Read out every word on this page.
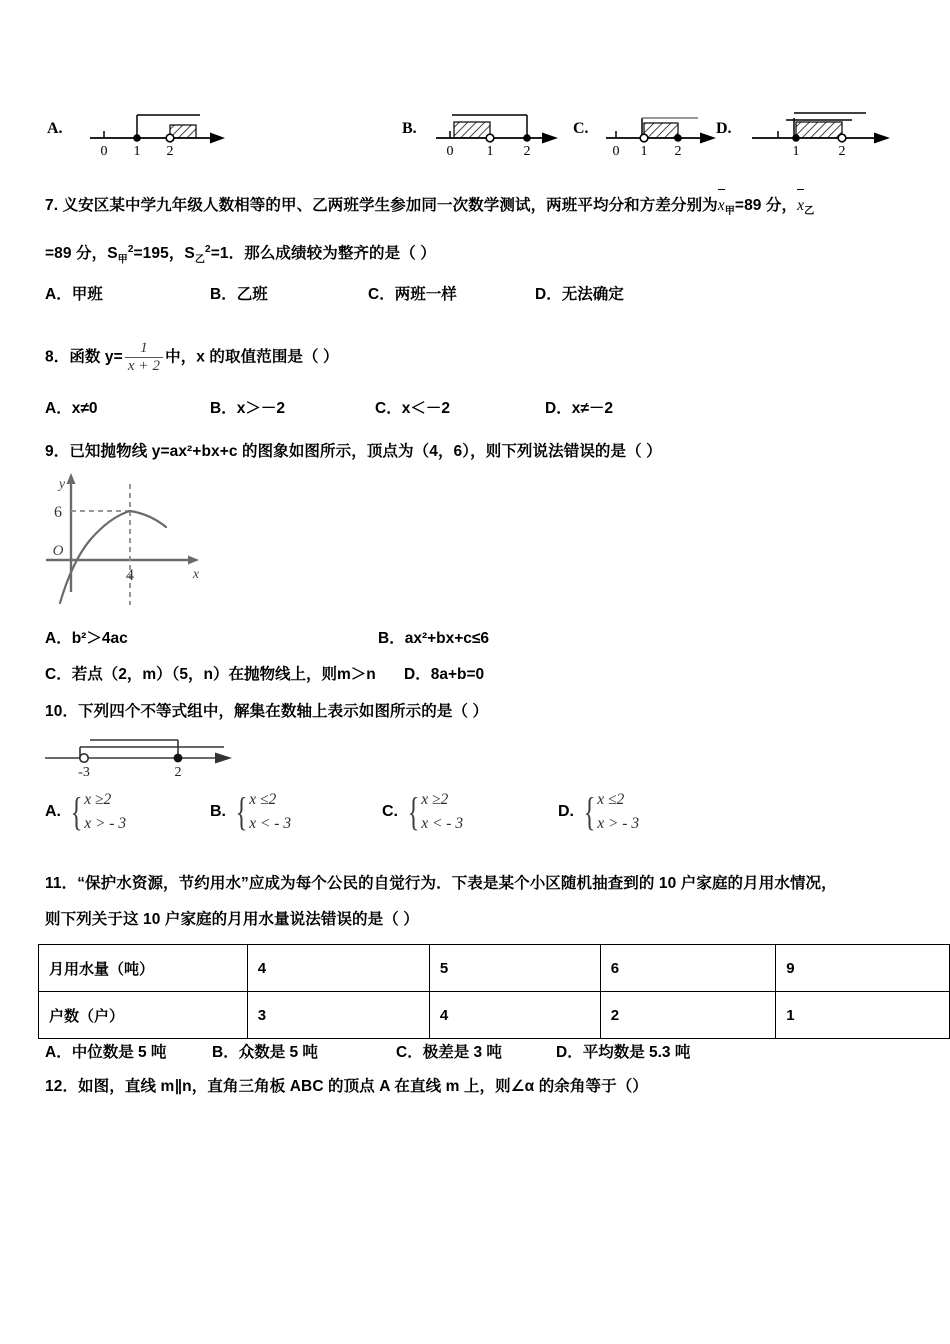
A.
0 1 2
B.
0 1 2
C.
0 1 2
D.
1	2
7. 义安区某中学九年级人数相等的甲、乙两班学生参加同一次数学测试，两班平均分和方差分别为$x_甲=89$ 分，$x_乙$
=89 分，$S_甲^2=195$，$S_乙^2=1$．那么成绩较为整齐的是（ ）
A．甲班	B．乙班	C．两班一样	D．无法确定
8．函数 $y= \frac{1}{x + 2}$ 中，x 的取值范围是（ ）
A．x≠0	B．x＞－2	C．x＜－2	D．x≠－2
9．已知抛物线 y=ax²+bx+c 的图象如图所示，顶点为（4，6），则下列说法错误的是（ ）
y
x
O
6
4
A．b²＞4ac	B．ax²+bx+c≤6
C．若点（2，m）（5，n）在抛物线上，则m＞n D．8a+b=0
10．下列四个不等式组中，解集在数轴上表示如图所示的是（ ）
-3	2
A. { x ≥2
x > - 3
B. { x ≤2
x < - 3
C. { x ≥2
x < - 3
D. { x ≤2
x > - 3
11．“保护水资源，节约用水”应成为每个公民的自觉行为．下表是某个小区随机抽查到的 10 户家庭的月用水情况，
则下列关于这 10 户家庭的月用水量说法错误的是（ ）
月用水量（吨）	4	5	6	9
户数（户）	3	4	2	1
A．中位数是 5 吨	B．众数是 5 吨	C．极差是 3 吨	D．平均数是 5.3 吨
12．如图，直线 m∥n，直角三角板 ABC 的顶点 A 在直线 m 上，则∠α 的余角等于（）
